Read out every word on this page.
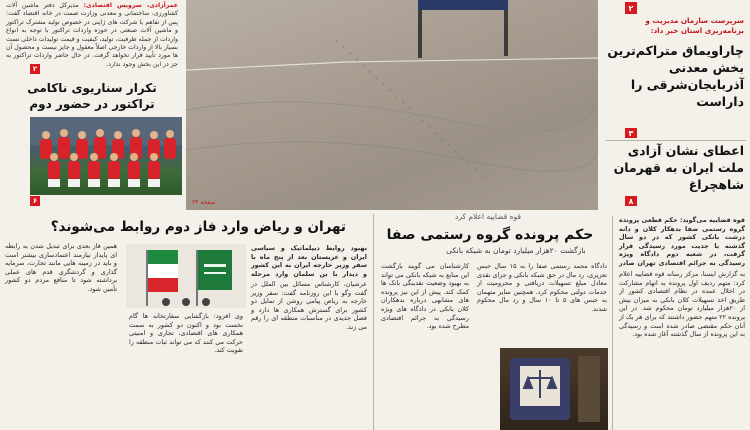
عمرآزادی، سرویس اقتصادی: مدیرکل دفتر ماشین آلات کشاورزی، ساختمانی و معدنی وزارت صمت در خانه اقتصاد گفت: پس از تفاهم با شرکت های ژاپنی در خصوص تولید مشترک تراکتور و ماشین آلات صنعتی در حوزه واردات تراکتور با توجه به انواع واردات از جمله ظرفیت، تولید، کیفیت و قیمت تولیدات داخلی تست بسیار بالا از واردات خارجی اصلاً معقول و جایز نیست و محصول آن ها مورد تأیید قرار نخواهد گرفت. در حال حاضر واردات تراکتور به جز در این بخش وجود ندارد.
۲
تکرار سناریوی ناکامی تراکتور در حضور دوم
۶	صفحه ۲۴
۲
سرپرست سازمان مدیریت و برنامه‌ریزی استان خبر داد:
چاراویماق متراکم‌ترین بخش معدنی آذربایجان‌شرقی را داراست
۳
اعطای نشان آزادی ملت ایران به قهرمان شاهچراغ
۸
تهران و ریاض وارد فاز دوم روابط می‌شوند؟
همین فاز بعدی برای تبدیل شدن به رابطه ای پایدار نیازمند اعتمادسازی بیشتر است و باید در زمینه هایی مانند تجارت، سرمایه گذاری و گردشگری قدم های عملی برداشته شود تا منافع مردم دو کشور تأمین شود.
وی افزود: بازگشایی سفارتخانه ها گام نخست بود و اکنون دو کشور به سمت همکاری های اقتصادی، تجاری و امنیتی حرکت می کنند که می تواند ثبات منطقه را تقویت کند.
بهبود روابط دیپلماتیک و سیاسی ایران و عربستان بعد از پنج ماه با سفر وزیر خارجه ایران به این کشور و دیدار با بن سلمان وارد مرحله
عرشیان، کارشناس مسائل بین الملل در گفت وگو با این روزنامه گفت: سفر وزیر خارجه به ریاض پیامی روشن از تمایل دو کشور برای گسترش همکاری ها دارد و فصل جدیدی در مناسبات منطقه ای را رقم می زند.
قوه قضاییه اعلام کرد
حکم پرونده گروه رستمی صفا
بازگشت ۲۰هزار میلیارد تومان به شبکه بانکی
قوه قضاییه می‌گوید: حکم قطعی پرونده گروه رستمی صفا بدهکار کلان و دانه درشت بانکی کشور که در دو سال گذشته با جدیت مورد رسیدگی قرار گرفت، در شعبه دوم دادگاه ویژه رسیدگی به جرائم اقتصادی تهران صادر
به گزارش ایسنا، مرکز رسانه قوه قضاییه اعلام کرد: متهم ردیف اول پرونده به اتهام مشارکت در اخلال عمده در نظام اقتصادی کشور از طریق اخذ تسهیلات کلان بانکی به میزان بیش از ۲۰هزار میلیارد تومان محکوم شد. در این پرونده ۲۲ متهم حضور داشتند که برای هر یک از آنان حکم مقتضی صادر شده است و رسیدگی به این پرونده از سال گذشته آغاز شده بود.
دادگاه محمد رستمی صفا را به ۱۵ سال حبس تعزیری، رد مال در حق شبکه بانکی و جزای نقدی معادل مبلغ تسهیلات دریافتی و محرومیت از خدمات دولتی محکوم کرد. همچنین سایر متهمان به حبس های ۵ تا ۱۰ سال و رد مال محکوم شدند.
کارشناسان می گویند بازگشت این منابع به شبکه بانکی می تواند به بهبود وضعیت نقدینگی بانک ها کمک کند. پیش از این نیز پرونده های مشابهی درباره بدهکاران کلان بانکی در دادگاه های ویژه رسیدگی به جرائم اقتصادی مطرح شده بود.
